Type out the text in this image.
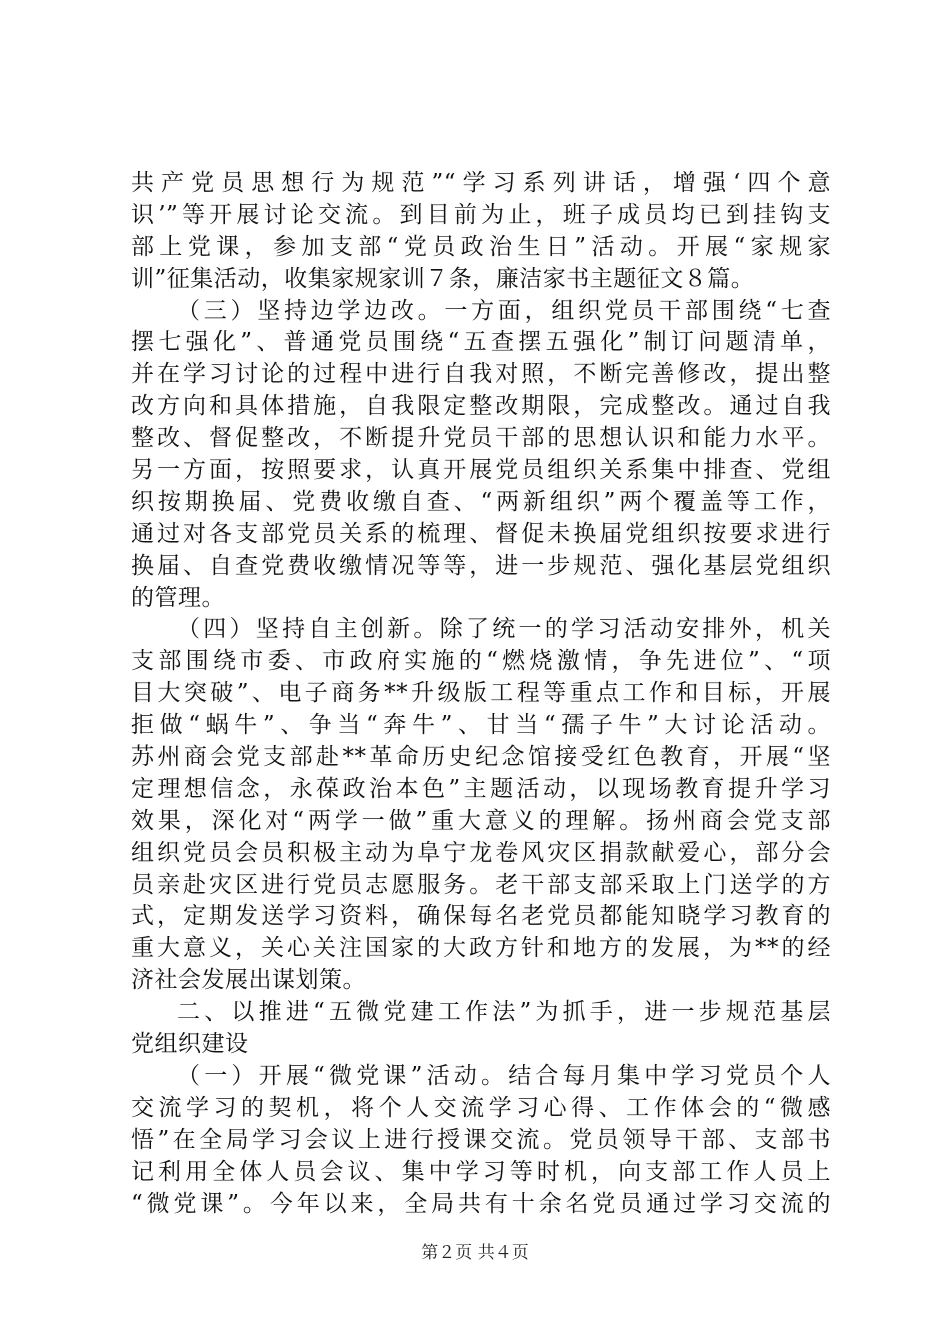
共产党员思想行为规范”“学习系列讲话，增强‘四个意
识’”等开展讨论交流。到目前为止，班子成员均已到挂钩支
部上党课，参加支部“党员政治生日”活动。开展“家规家
训”征集活动，收集家规家训７条，廉洁家书主题征文８篇。
（三）坚持边学边改。一方面，组织党员干部围绕“七查
摆七强化”、普通党员围绕“五查摆五强化”制订问题清单，
并在学习讨论的过程中进行自我对照，不断完善修改，提出整
改方向和具体措施，自我限定整改期限，完成整改。通过自我
整改、督促整改，不断提升党员干部的思想认识和能力水平。
另一方面，按照要求，认真开展党员组织关系集中排查、党组
织按期换届、党费收缴自查、“两新组织”两个覆盖等工作，
通过对各支部党员关系的梳理、督促未换届党组织按要求进行
换届、自查党费收缴情况等等，进一步规范、强化基层党组织
的管理。
（四）坚持自主创新。除了统一的学习活动安排外，机关
支部围绕市委、市政府实施的“燃烧激情，争先进位”、“项
目大突破”、电子商务**升级版工程等重点工作和目标，开展
拒做“蜗牛”、争当“奔牛”、甘当“孺子牛”大讨论活动。
苏州商会党支部赴**革命历史纪念馆接受红色教育，开展“坚
定理想信念，永葆政治本色”主题活动，以现场教育提升学习
效果，深化对“两学一做”重大意义的理解。扬州商会党支部
组织党员会员积极主动为阜宁龙卷风灾区捐款献爱心，部分会
员亲赴灾区进行党员志愿服务。老干部支部采取上门送学的方
式，定期发送学习资料，确保每名老党员都能知晓学习教育的
重大意义，关心关注国家的大政方针和地方的发展，为**的经
济社会发展出谋划策。
二、以推进“五微党建工作法”为抓手，进一步规范基层
党组织建设
（一）开展“微党课”活动。结合每月集中学习党员个人
交流学习的契机，将个人交流学习心得、工作体会的“微感
悟”在全局学习会议上进行授课交流。党员领导干部、支部书
记利用全体人员会议、集中学习等时机，向支部工作人员上
“微党课”。今年以来，全局共有十余名党员通过学习交流的
第２页 共４页
